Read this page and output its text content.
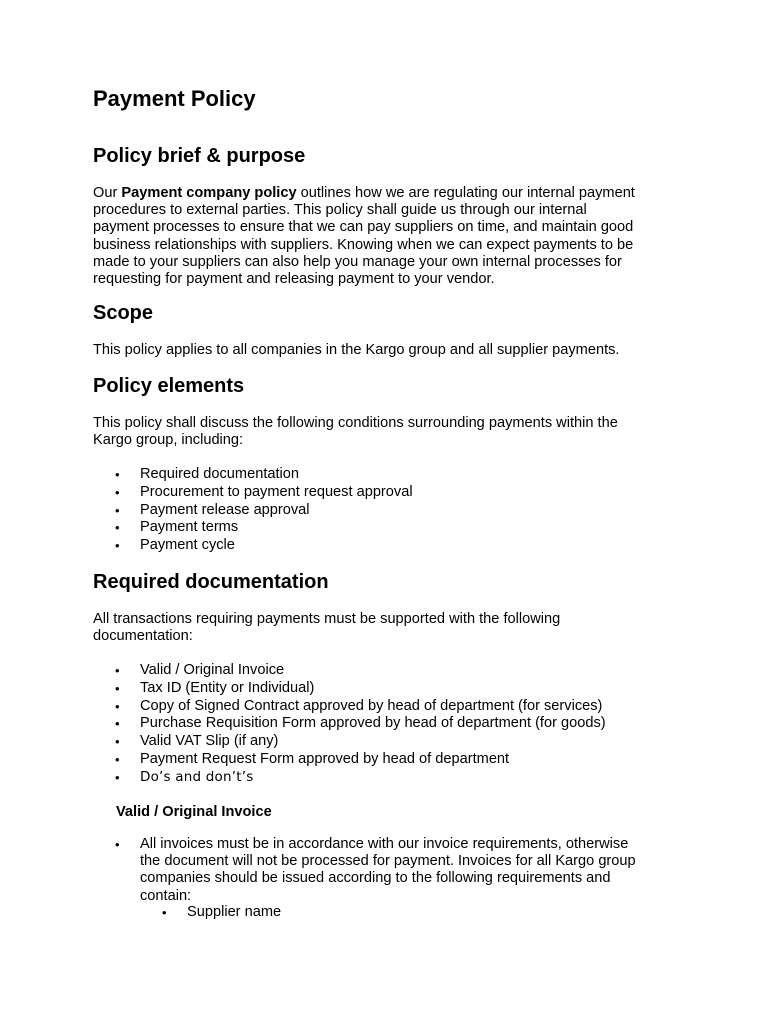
Payment Policy
Policy brief & purpose

Our Payment company policy outlines how we are regulating our internal payment
procedures to external parties. This policy shall guide us through our internal
payment processes to ensure that we can pay suppliers on time, and maintain good
business relationships with suppliers. Knowing when we can expect payments to be
made to your suppliers can also help you manage your own internal processes for
requesting for payment and releasing payment to your vendor.

Scope

This policy applies to all companies in the Kargo group and all supplier payments.

Policy elements

This policy shall discuss the following conditions surrounding payments within the
Kargo group, including:

• Required documentation
• Procurement to payment request approval
• Payment release approval
• Payment terms
• Payment cycle
Required documentation

All transactions requiring payments must be supported with the following
documentation:

• Valid / Original Invoice
• Tax ID (Entity or Individual)
• Copy of Signed Contract approved by head of department (for services)
• Purchase Requisition Form approved by head of department (for goods)
• Valid VAT Slip (if any)
• Payment Request Form approved by head of department
• Do’s and don’t’s
Valid / Original Invoice
• All invoices must be in accordance with our invoice requirements, otherwise
the document will not be processed for payment. Invoices for all Kargo group
companies should be issued according to the following requirements and
contain:
• Supplier name
